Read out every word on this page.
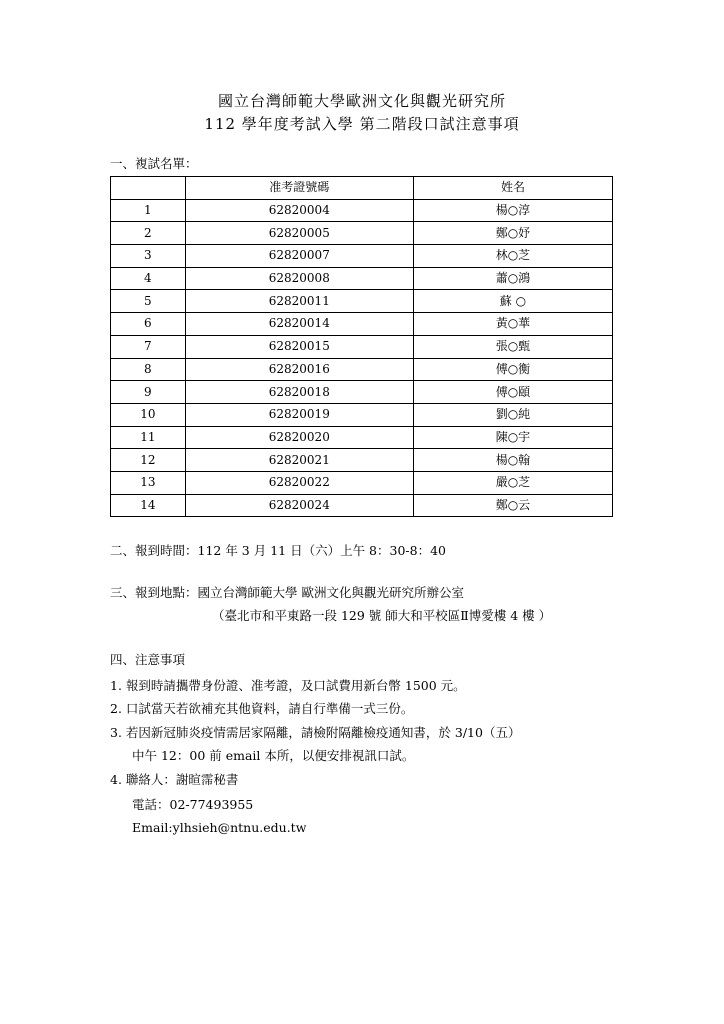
國立台灣師範大學歐洲文化與觀光研究所
112 學年度考試入學 第二階段口試注意事項
一、複試名單：
	准考證號碼	姓名
1	62820004	楊○淳
2	62820005	鄭○妤
3	62820007	林○芝
4	62820008	蕭○鴻
5	62820011	蘇 ○
6	62820014	黃○華
7	62820015	張○甄
8	62820016	傅○衡
9	62820018	傅○頤
10	62820019	劉○純
11	62820020	陳○宇
12	62820021	楊○翰
13	62820022	嚴○芝
14	62820024	鄭○云
二、報到時間：112 年 3 月 11 日（六）上午 8：30-8：40
三、報到地點：國立台灣師範大學 歐洲文化與觀光研究所辦公室
（臺北市和平東路一段 129 號 師大和平校區Ⅱ博愛樓 4 樓 ）
四、注意事項
1. 報到時請攜帶身份證、准考證，及口試費用新台幣 1500 元。
2. 口試當天若欲補充其他資料，請自行準備一式三份。
3. 若因新冠肺炎疫情需居家隔離，請檢附隔離檢疫通知書，於 3/10（五）
中午 12：00 前 email 本所，以便安排視訊口試。
4. 聯絡人：謝暄霈秘書
電話：02-77493955
Email:ylhsieh@ntnu.edu.tw
